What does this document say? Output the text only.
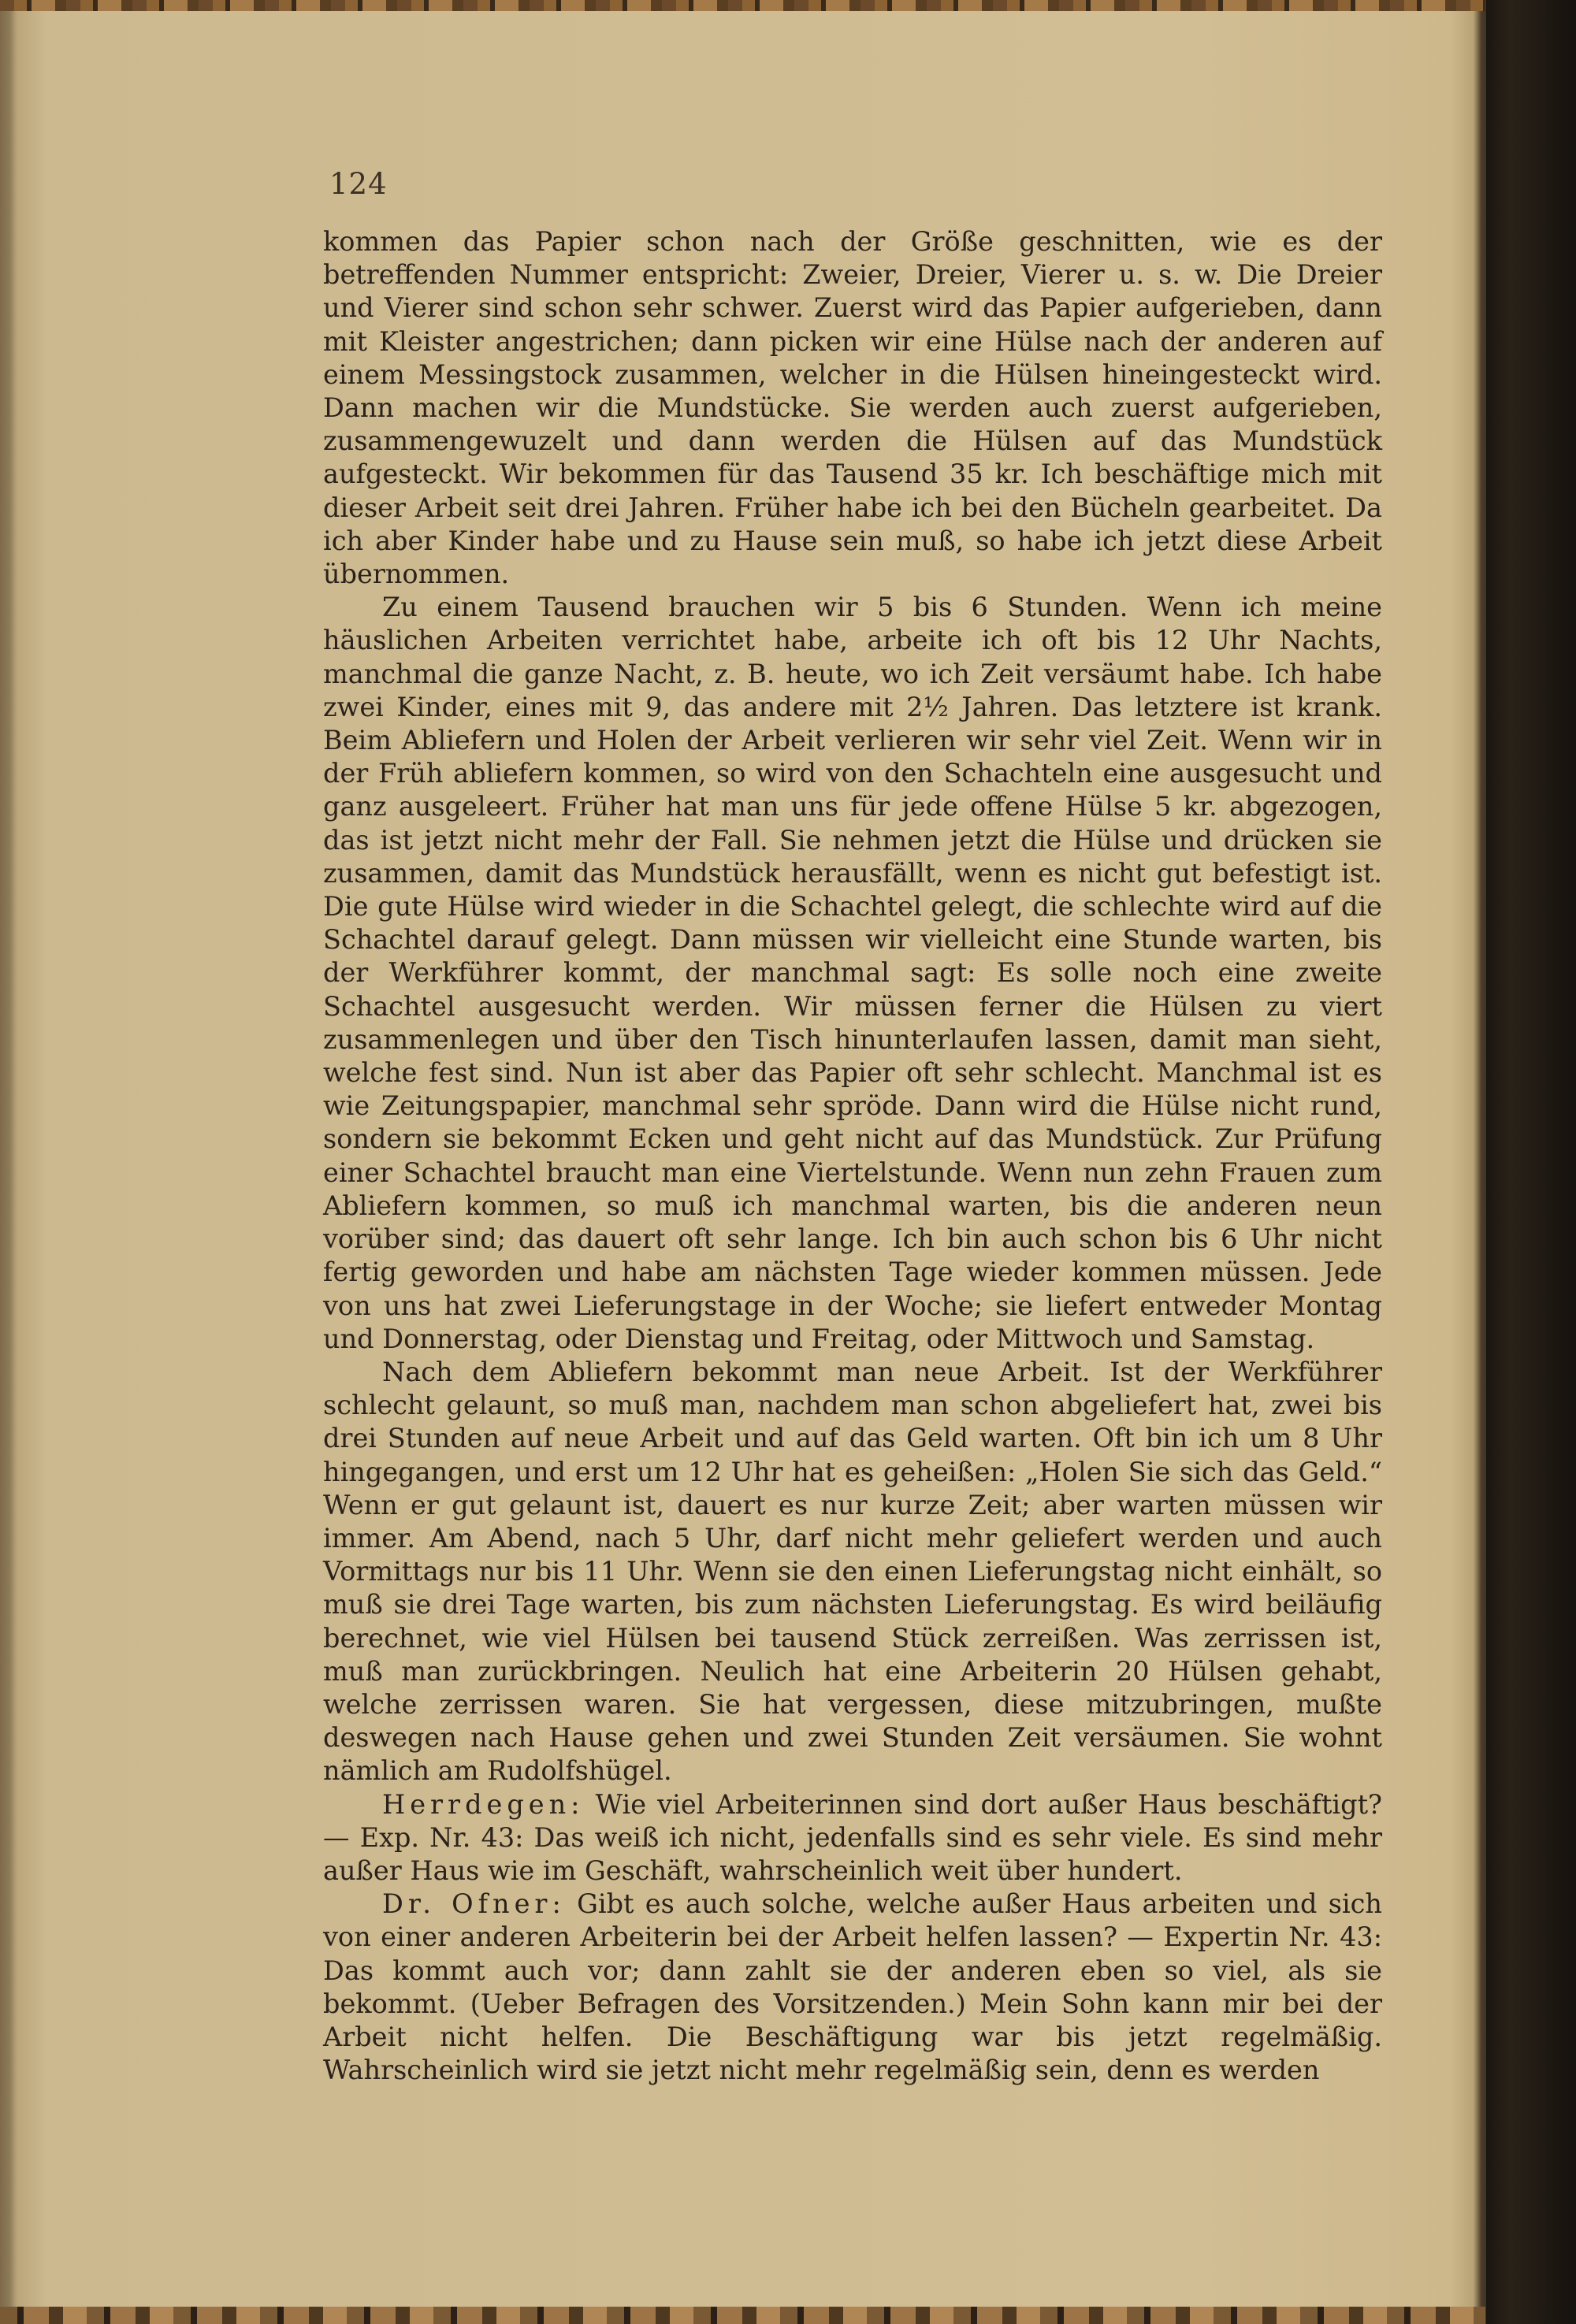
124

kommen das Papier schon nach der Größe geschnitten, wie es der betreffenden Nummer entspricht: Zweier, Dreier, Vierer u. s. w. Die Dreier und Vierer sind schon sehr schwer. Zuerst wird das Papier aufgerieben, dann mit Kleister angestrichen; dann picken wir eine Hülse nach der anderen auf einem Messingstock zusammen, welcher in die Hülsen hineingesteckt wird. Dann machen wir die Mundstücke. Sie werden auch zuerst aufgerieben, zusammengewuzelt und dann werden die Hülsen auf das Mundstück aufgesteckt. Wir bekommen für das Tausend 35 kr. Ich beschäftige mich mit dieser Arbeit seit drei Jahren. Früher habe ich bei den Bücheln gearbeitet. Da ich aber Kinder habe und zu Hause sein muß, so habe ich jetzt diese Arbeit übernommen.

Zu einem Tausend brauchen wir 5 bis 6 Stunden. Wenn ich meine häuslichen Arbeiten verrichtet habe, arbeite ich oft bis 12 Uhr Nachts, manchmal die ganze Nacht, z. B. heute, wo ich Zeit versäumt habe. Ich habe zwei Kinder, eines mit 9, das andere mit 2½ Jahren. Das letztere ist krank. Beim Abliefern und Holen der Arbeit verlieren wir sehr viel Zeit. Wenn wir in der Früh abliefern kommen, so wird von den Schachteln eine ausgesucht und ganz ausgeleert. Früher hat man uns für jede offene Hülse 5 kr. abgezogen, das ist jetzt nicht mehr der Fall. Sie nehmen jetzt die Hülse und drücken sie zusammen, damit das Mundstück herausfällt, wenn es nicht gut befestigt ist. Die gute Hülse wird wieder in die Schachtel gelegt, die schlechte wird auf die Schachtel darauf gelegt. Dann müssen wir vielleicht eine Stunde warten, bis der Werkführer kommt, der manchmal sagt: Es solle noch eine zweite Schachtel ausgesucht werden. Wir müssen ferner die Hülsen zu viert zusammenlegen und über den Tisch hinunterlaufen lassen, damit man sieht, welche fest sind. Nun ist aber das Papier oft sehr schlecht. Manchmal ist es wie Zeitungspapier, manchmal sehr spröde. Dann wird die Hülse nicht rund, sondern sie bekommt Ecken und geht nicht auf das Mundstück. Zur Prüfung einer Schachtel braucht man eine Viertelstunde. Wenn nun zehn Frauen zum Abliefern kommen, so muß ich manchmal warten, bis die anderen neun vorüber sind; das dauert oft sehr lange. Ich bin auch schon bis 6 Uhr nicht fertig geworden und habe am nächsten Tage wieder kommen müssen. Jede von uns hat zwei Lieferungstage in der Woche; sie liefert entweder Montag und Donnerstag, oder Dienstag und Freitag, oder Mittwoch und Samstag.

Nach dem Abliefern bekommt man neue Arbeit. Ist der Werkführer schlecht gelaunt, so muß man, nachdem man schon abgeliefert hat, zwei bis drei Stunden auf neue Arbeit und auf das Geld warten. Oft bin ich um 8 Uhr hingegangen, und erst um 12 Uhr hat es geheißen: „Holen Sie sich das Geld.“ Wenn er gut gelaunt ist, dauert es nur kurze Zeit; aber warten müssen wir immer. Am Abend, nach 5 Uhr, darf nicht mehr geliefert werden und auch Vormittags nur bis 11 Uhr. Wenn sie den einen Lieferungstag nicht einhält, so muß sie drei Tage warten, bis zum nächsten Lieferungstag. Es wird beiläufig berechnet, wie viel Hülsen bei tausend Stück zerreißen. Was zerrissen ist, muß man zurückbringen. Neulich hat eine Arbeiterin 20 Hülsen gehabt, welche zerrissen waren. Sie hat vergessen, diese mitzubringen, mußte deswegen nach Hause gehen und zwei Stunden Zeit versäumen. Sie wohnt nämlich am Rudolfshügel.

Herrdegen: Wie viel Arbeiterinnen sind dort außer Haus beschäftigt? — Exp. Nr. 43: Das weiß ich nicht, jedenfalls sind es sehr viele. Es sind mehr außer Haus wie im Geschäft, wahrscheinlich weit über hundert.

Dr. Ofner: Gibt es auch solche, welche außer Haus arbeiten und sich von einer anderen Arbeiterin bei der Arbeit helfen lassen? — Expertin Nr. 43: Das kommt auch vor; dann zahlt sie der anderen eben so viel, als sie bekommt. (Ueber Befragen des Vorsitzenden.) Mein Sohn kann mir bei der Arbeit nicht helfen. Die Beschäftigung war bis jetzt regelmäßig. Wahrscheinlich wird sie jetzt nicht mehr regelmäßig sein, denn es werden
